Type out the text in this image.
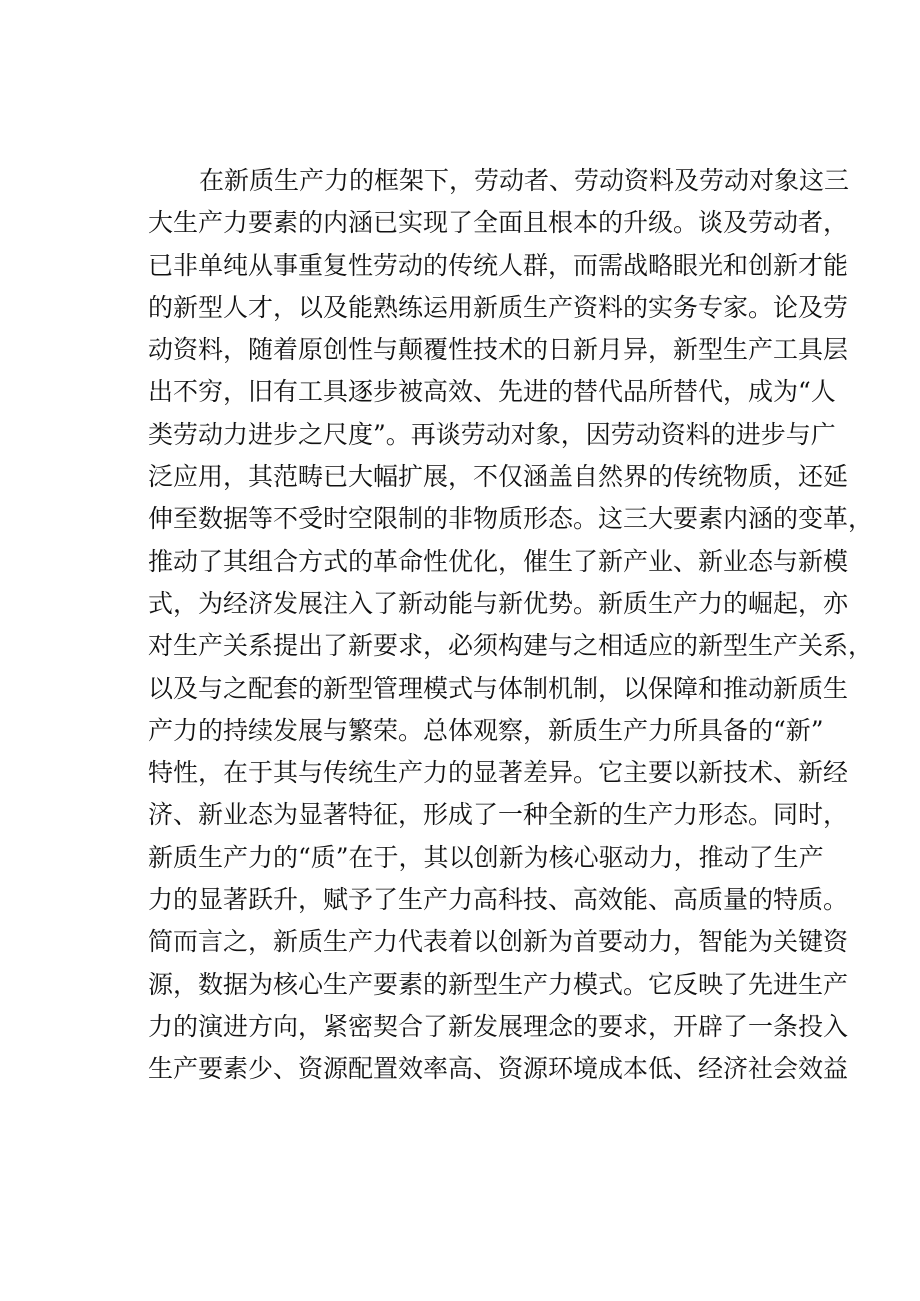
在新质生产力的框架下，劳动者、劳动资料及劳动对象这三
大生产力要素的内涵已实现了全面且根本的升级。谈及劳动者，
已非单纯从事重复性劳动的传统人群，而需战略眼光和创新才能
的新型人才，以及能熟练运用新质生产资料的实务专家。论及劳
动资料，随着原创性与颠覆性技术的日新月异，新型生产工具层
出不穷，旧有工具逐步被高效、先进的替代品所替代，成为“人
类劳动力进步之尺度”。再谈劳动对象，因劳动资料的进步与广
泛应用，其范畴已大幅扩展，不仅涵盖自然界的传统物质，还延
伸至数据等不受时空限制的非物质形态。这三大要素内涵的变革，
推动了其组合方式的革命性优化，催生了新产业、新业态与新模
式，为经济发展注入了新动能与新优势。新质生产力的崛起，亦
对生产关系提出了新要求，必须构建与之相适应的新型生产关系，
以及与之配套的新型管理模式与体制机制，以保障和推动新质生
产力的持续发展与繁荣。总体观察，新质生产力所具备的“新”
特性，在于其与传统生产力的显著差异。它主要以新技术、新经
济、新业态为显著特征，形成了一种全新的生产力形态。同时，
新质生产力的“质”在于，其以创新为核心驱动力，推动了生产
力的显著跃升，赋予了生产力高科技、高效能、高质量的特质。
简而言之，新质生产力代表着以创新为首要动力，智能为关键资
源，数据为核心生产要素的新型生产力模式。它反映了先进生产
力的演进方向，紧密契合了新发展理念的要求，开辟了一条投入
生产要素少、资源配置效率高、资源环境成本低、经济社会效益
